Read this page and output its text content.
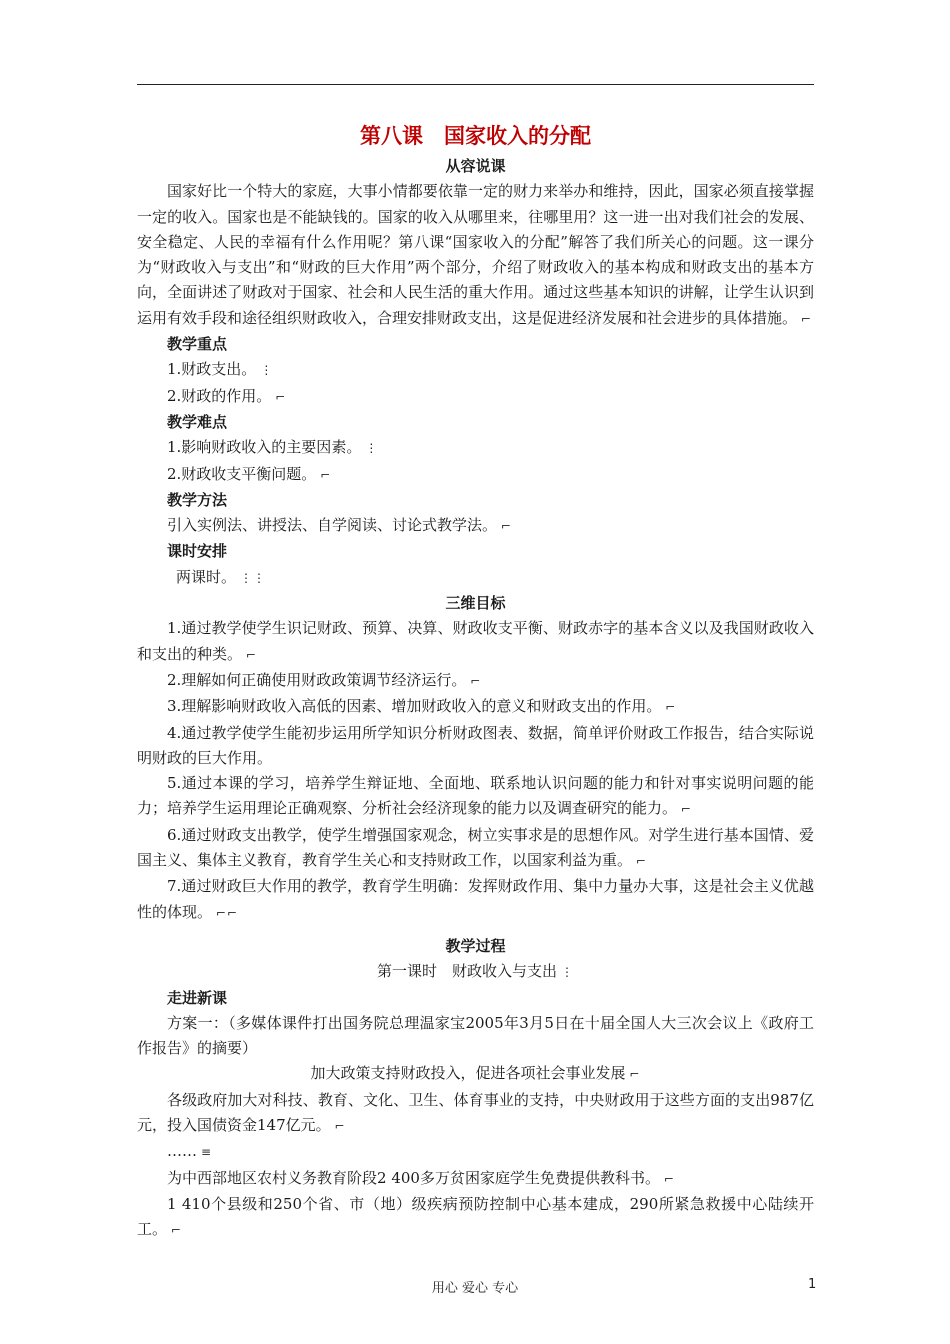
第八课　国家收入的分配

从容说课

国家好比一个特大的家庭，大事小情都要依靠一定的财力来举办和维持，因此，国家必须直接掌握一定的收入。国家也是不能缺钱的。国家的收入从哪里来，往哪里用？这一进一出对我们社会的发展、安全稳定、人民的幸福有什么作用呢？第八课“国家收入的分配”解答了我们所关心的问题。这一课分为“财政收入与支出”和“财政的巨大作用”两个部分，介绍了财政收入的基本构成和财政支出的基本方向，全面讲述了财政对于国家、社会和人民生活的重大作用。通过这些基本知识的讲解，让学生认识到运用有效手段和途径组织财政收入，合理安排财政支出，这是促进经济发展和社会进步的具体措施。 ⌐

教学重点

1.财政支出。 ⋮

2.财政的作用。 ⌐

教学难点

1.影响财政收入的主要因素。 ⋮

2.财政收支平衡问题。 ⌐

教学方法

引入实例法、讲授法、自学阅读、讨论式教学法。 ⌐

课时安排

两课时。 ⋮⋮

三维目标

1.通过教学使学生识记财政、预算、决算、财政收支平衡、财政赤字的基本含义以及我国财政收入和支出的种类。 ⌐

2.理解如何正确使用财政政策调节经济运行。 ⌐

3.理解影响财政收入高低的因素、增加财政收入的意义和财政支出的作用。 ⌐

4.通过教学使学生能初步运用所学知识分析财政图表、数据，简单评价财政工作报告，结合实际说明财政的巨大作用。

5.通过本课的学习，培养学生辩证地、全面地、联系地认识问题的能力和针对事实说明问题的能力；培养学生运用理论正确观察、分析社会经济现象的能力以及调查研究的能力。 ⌐

6.通过财政支出教学，使学生增强国家观念，树立实事求是的思想作风。对学生进行基本国情、爱国主义、集体主义教育，教育学生关心和支持财政工作，以国家利益为重。 ⌐

7.通过财政巨大作用的教学，教育学生明确：发挥财政作用、集中力量办大事，这是社会主义优越性的体现。 ⌐⌐

教学过程

第一课时　财政收入与支出 ⋮

走进新课

方案一：（多媒体课件打出国务院总理温家宝2005年3月5日在十届全国人大三次会议上《政府工作报告》的摘要）

加大政策支持财政投入，促进各项社会事业发展 ⌐

各级政府加大对科技、教育、文化、卫生、体育事业的支持，中央财政用于这些方面的支出987亿元，投入国债资金147亿元。 ⌐

…… ≡

为中西部地区农村义务教育阶段2 400多万贫困家庭学生免费提供教科书。 ⌐

1 410个县级和250个省、市（地）级疾病预防控制中心基本建成，290所紧急救援中心陆续开工。 ⌐

用心 爱心 专心	1
